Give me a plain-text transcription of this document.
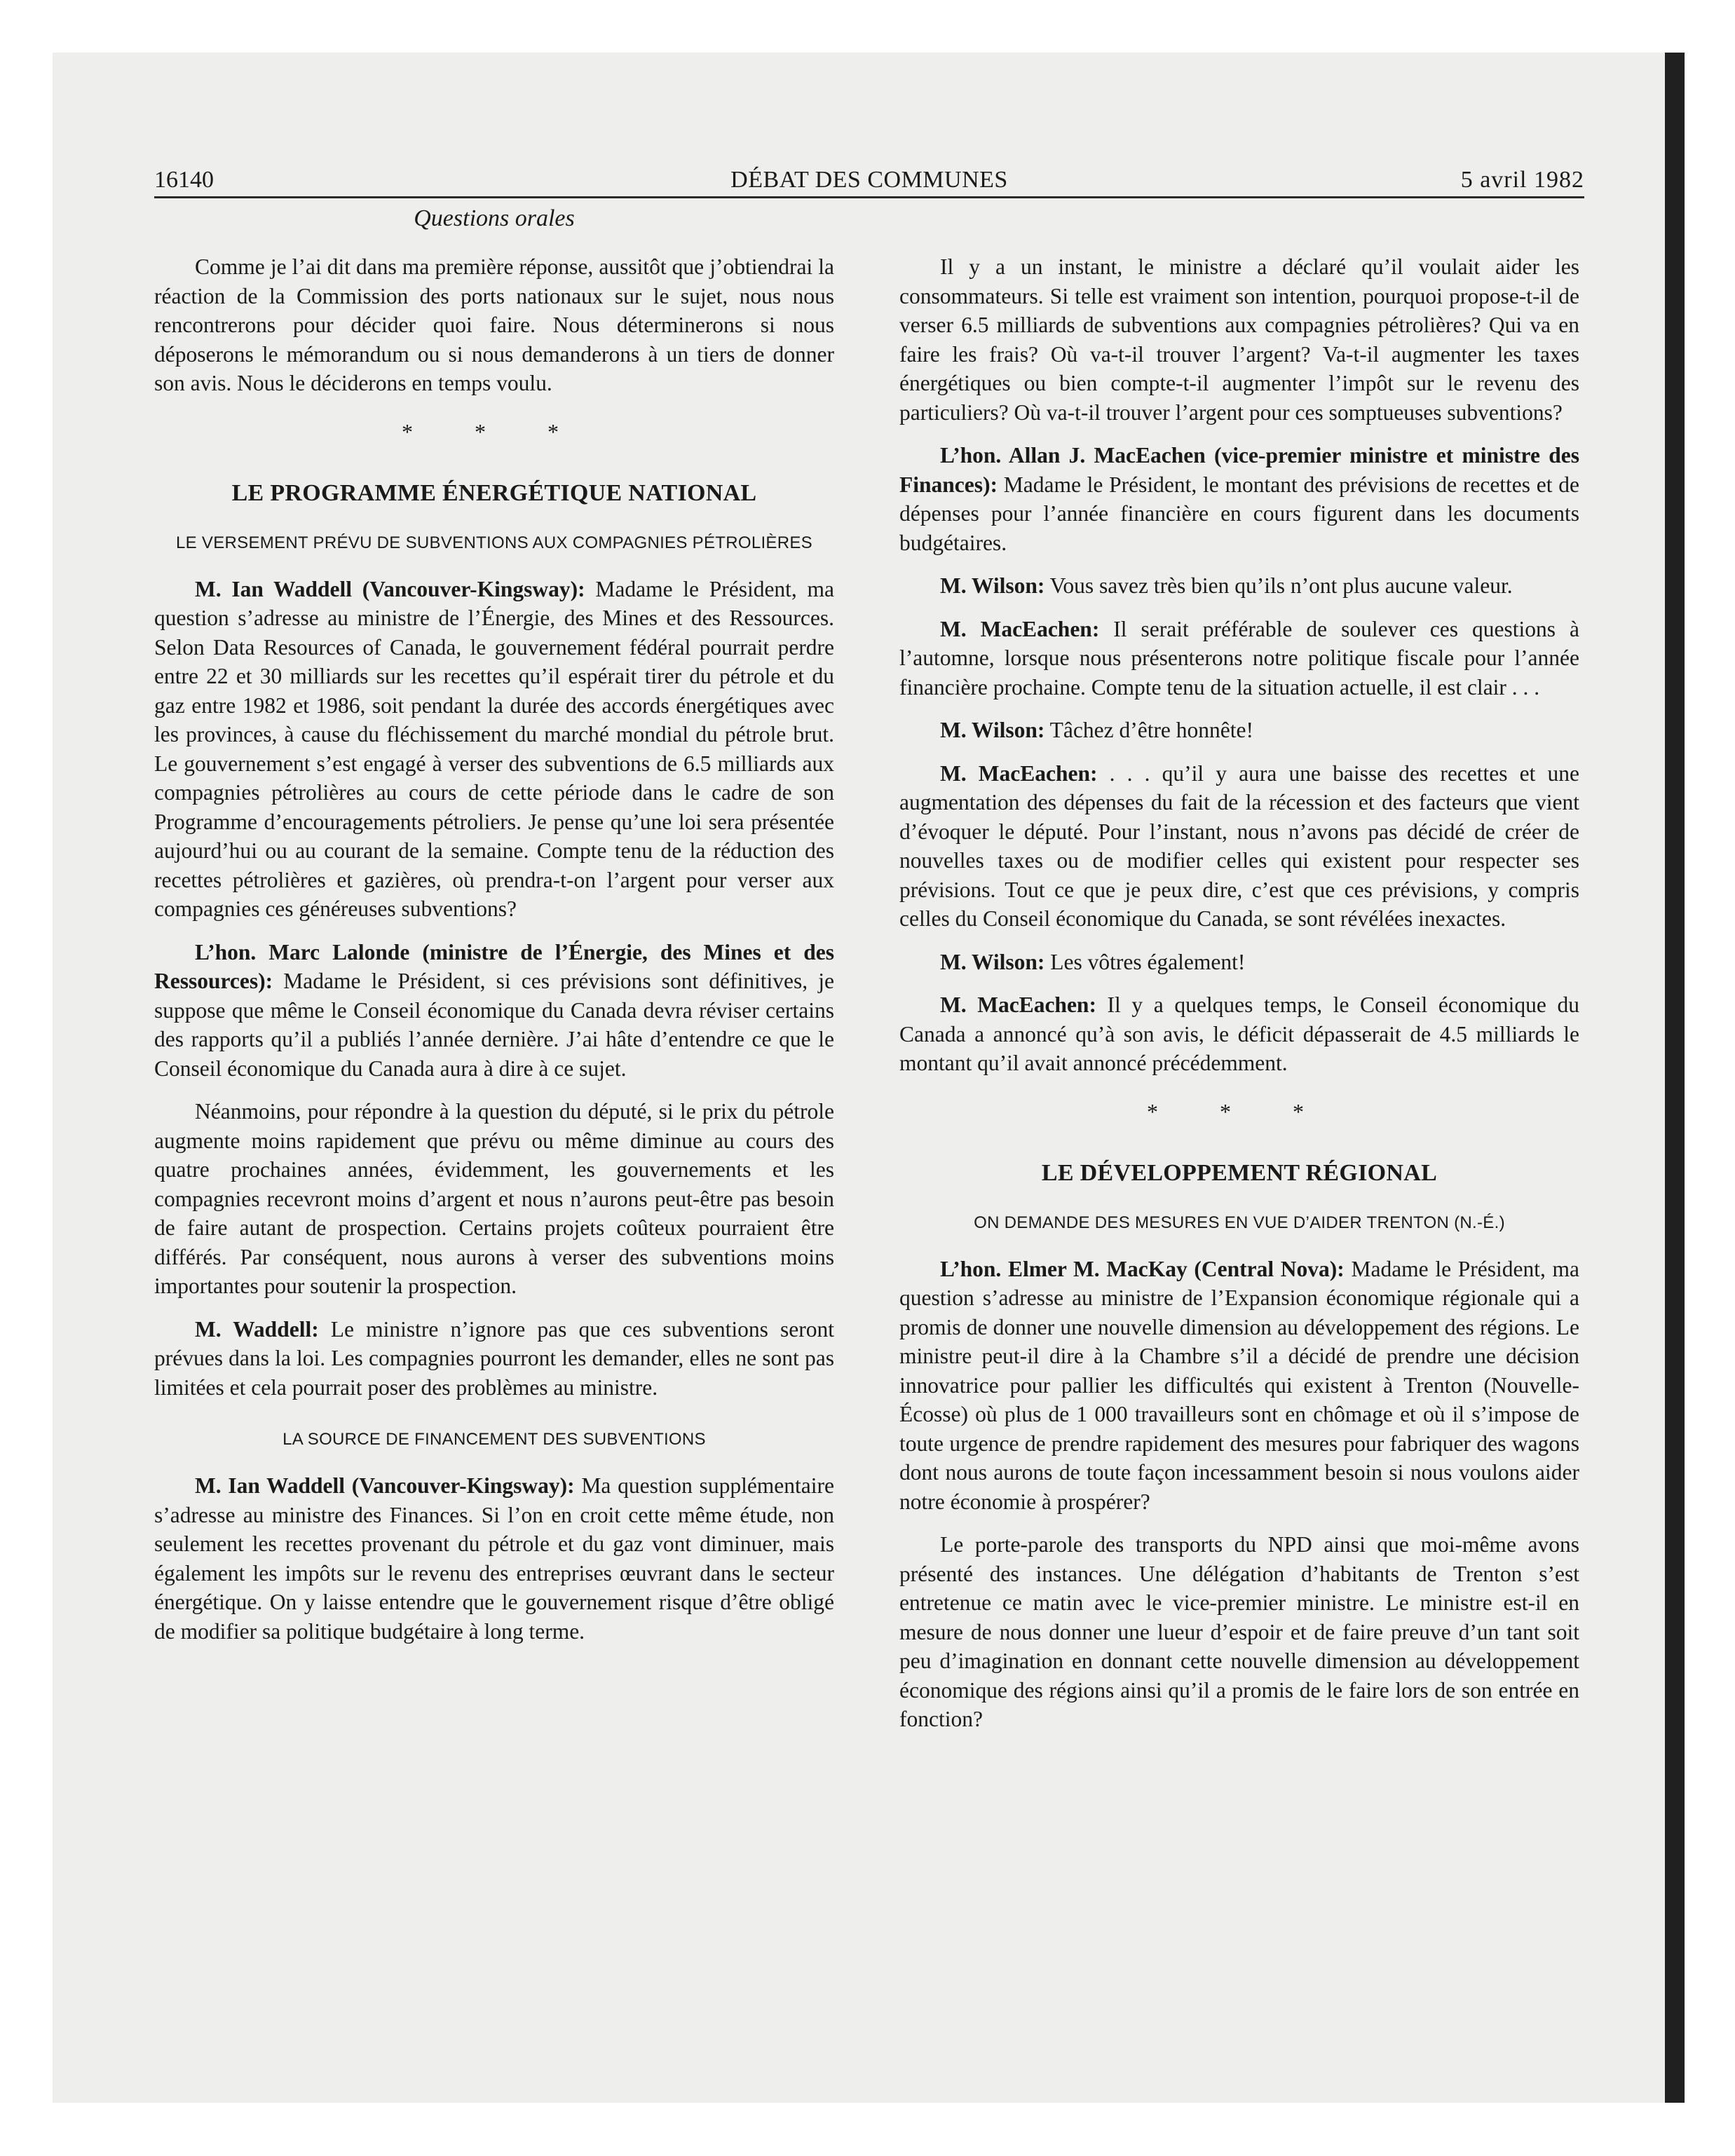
16140	DÉBAT DES COMMUNES	5 avril 1982
Questions orales

Comme je l’ai dit dans ma première réponse, aussitôt que j’obtiendrai la réaction de la Commission des ports nationaux sur le sujet, nous nous rencontrerons pour décider quoi faire. Nous déterminerons si nous déposerons le mémorandum ou si nous demanderons à un tiers de donner son avis. Nous le déciderons en temps voulu.

* * *
LE PROGRAMME ÉNERGÉTIQUE NATIONAL
LE VERSEMENT PRÉVU DE SUBVENTIONS AUX COMPAGNIES PÉTROLIÈRES

M. Ian Waddell (Vancouver-Kingsway): Madame le Président, ma question s’adresse au ministre de l’Énergie, des Mines et des Ressources. Selon Data Resources of Canada, le gouvernement fédéral pourrait perdre entre 22 et 30 milliards sur les recettes qu’il espérait tirer du pétrole et du gaz entre 1982 et 1986, soit pendant la durée des accords énergétiques avec les provinces, à cause du fléchissement du marché mondial du pétrole brut. Le gouvernement s’est engagé à verser des subventions de 6.5 milliards aux compagnies pétrolières au cours de cette période dans le cadre de son Programme d’encouragements pétroliers. Je pense qu’une loi sera présentée aujourd’hui ou au courant de la semaine. Compte tenu de la réduction des recettes pétrolières et gazières, où prendra-t-on l’argent pour verser aux compagnies ces généreuses subventions?

L’hon. Marc Lalonde (ministre de l’Énergie, des Mines et des Ressources): Madame le Président, si ces prévisions sont définitives, je suppose que même le Conseil économique du Canada devra réviser certains des rapports qu’il a publiés l’année dernière. J’ai hâte d’entendre ce que le Conseil économique du Canada aura à dire à ce sujet.

Néanmoins, pour répondre à la question du député, si le prix du pétrole augmente moins rapidement que prévu ou même diminue au cours des quatre prochaines années, évidemment, les gouvernements et les compagnies recevront moins d’argent et nous n’aurons peut-être pas besoin de faire autant de prospection. Certains projets coûteux pourraient être différés. Par conséquent, nous aurons à verser des subventions moins importantes pour soutenir la prospection.

M. Waddell: Le ministre n’ignore pas que ces subventions seront prévues dans la loi. Les compagnies pourront les demander, elles ne sont pas limitées et cela pourrait poser des problèmes au ministre.

LA SOURCE DE FINANCEMENT DES SUBVENTIONS

M. Ian Waddell (Vancouver-Kingsway): Ma question supplémentaire s’adresse au ministre des Finances. Si l’on en croit cette même étude, non seulement les recettes provenant du pétrole et du gaz vont diminuer, mais également les impôts sur le revenu des entreprises œuvrant dans le secteur énergétique. On y laisse entendre que le gouvernement risque d’être obligé de modifier sa politique budgétaire à long terme.

Il y a un instant, le ministre a déclaré qu’il voulait aider les consommateurs. Si telle est vraiment son intention, pourquoi propose-t-il de verser 6.5 milliards de subventions aux compagnies pétrolières? Qui va en faire les frais? Où va-t-il trouver l’argent? Va-t-il augmenter les taxes énergétiques ou bien compte-t-il augmenter l’impôt sur le revenu des particuliers? Où va-t-il trouver l’argent pour ces somptueuses subventions?

L’hon. Allan J. MacEachen (vice-premier ministre et ministre des Finances): Madame le Président, le montant des prévisions de recettes et de dépenses pour l’année financière en cours figurent dans les documents budgétaires.

M. Wilson: Vous savez très bien qu’ils n’ont plus aucune valeur.

M. MacEachen: Il serait préférable de soulever ces questions à l’automne, lorsque nous présenterons notre politique fiscale pour l’année financière prochaine. Compte tenu de la situation actuelle, il est clair . . .

M. Wilson: Tâchez d’être honnête!

M. MacEachen: . . . qu’il y aura une baisse des recettes et une augmentation des dépenses du fait de la récession et des facteurs que vient d’évoquer le député. Pour l’instant, nous n’avons pas décidé de créer de nouvelles taxes ou de modifier celles qui existent pour respecter ses prévisions. Tout ce que je peux dire, c’est que ces prévisions, y compris celles du Conseil économique du Canada, se sont révélées inexactes.

M. Wilson: Les vôtres également!

M. MacEachen: Il y a quelques temps, le Conseil économique du Canada a annoncé qu’à son avis, le déficit dépasserait de 4.5 milliards le montant qu’il avait annoncé précédemment.

* * *
LE DÉVELOPPEMENT RÉGIONAL
ON DEMANDE DES MESURES EN VUE D’AIDER TRENTON (N.-É.)

L’hon. Elmer M. MacKay (Central Nova): Madame le Président, ma question s’adresse au ministre de l’Expansion économique régionale qui a promis de donner une nouvelle dimension au développement des régions. Le ministre peut-il dire à la Chambre s’il a décidé de prendre une décision innovatrice pour pallier les difficultés qui existent à Trenton (Nouvelle-Écosse) où plus de 1 000 travailleurs sont en chômage et où il s’impose de toute urgence de prendre rapidement des mesures pour fabriquer des wagons dont nous aurons de toute façon incessamment besoin si nous voulons aider notre économie à prospérer?

Le porte-parole des transports du NPD ainsi que moi-même avons présenté des instances. Une délégation d’habitants de Trenton s’est entretenue ce matin avec le vice-premier ministre. Le ministre est-il en mesure de nous donner une lueur d’espoir et de faire preuve d’un tant soit peu d’imagination en donnant cette nouvelle dimension au développement économique des régions ainsi qu’il a promis de le faire lors de son entrée en fonction?
